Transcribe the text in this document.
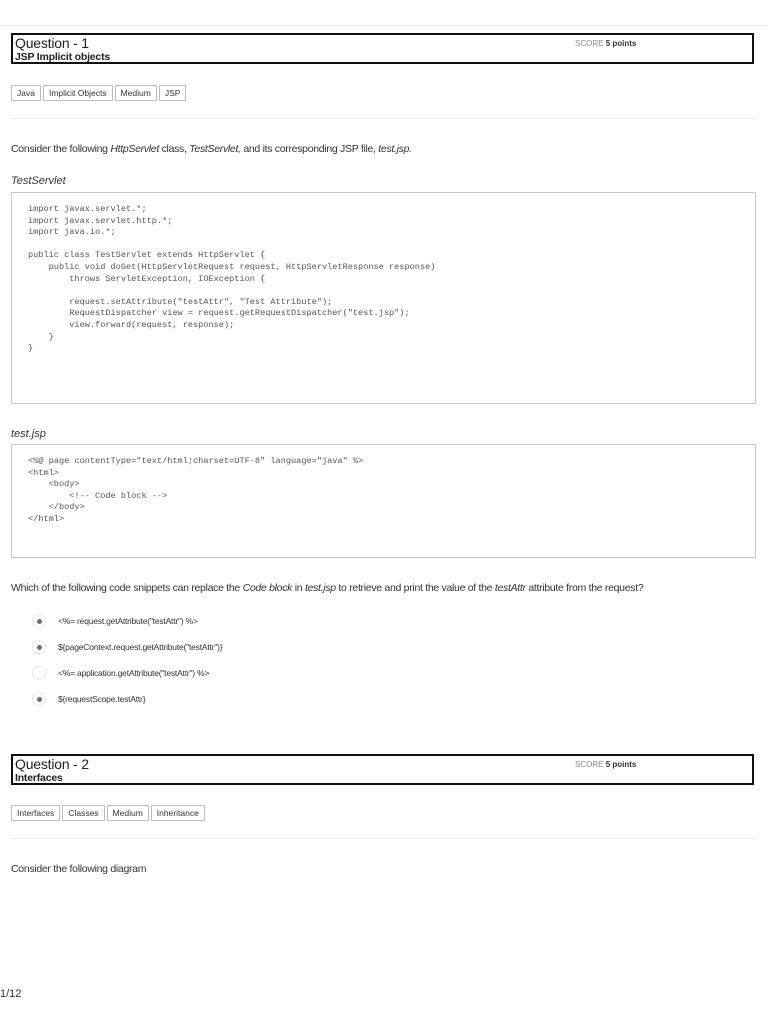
Question - 1
JSP Implicit objects
SCORE 5 points
Java	Implicit Objects	Medium	JSP
Consider the following HttpServlet class, TestServlet, and its corresponding JSP file, test.jsp.
TestServlet
import javax.servlet.*;
import javax.servlet.http.*;
import java.io.*;

public class TestServlet extends HttpServlet {
public void doGet(HttpServletRequest request, HttpServletResponse response)
throws ServletException, IOException {

request.setAttribute("testAttr", "Test Attribute");
RequestDispatcher view = request.getRequestDispatcher("test.jsp");
view.forward(request, response);
}
}
test.jsp
<%@ page contentType="text/html;charset=UTF-8" language="java" %>
<html>
<body>
<!-- Code block -->
</body>
</html>
Which of the following code snippets can replace the Code block in test.jsp to retrieve and print the value of the testAttr attribute from the request?
<%= request.getAttribute("testAttr") %>
${pageContext.request.getAttribute("testAttr")}
<%= application.getAttribute("testAttr") %>
${requestScope.testAttr}
Question - 2
Interfaces
SCORE 5 points
Interfaces	Classes	Medium	Inheritance
Consider the following diagram
1/12
